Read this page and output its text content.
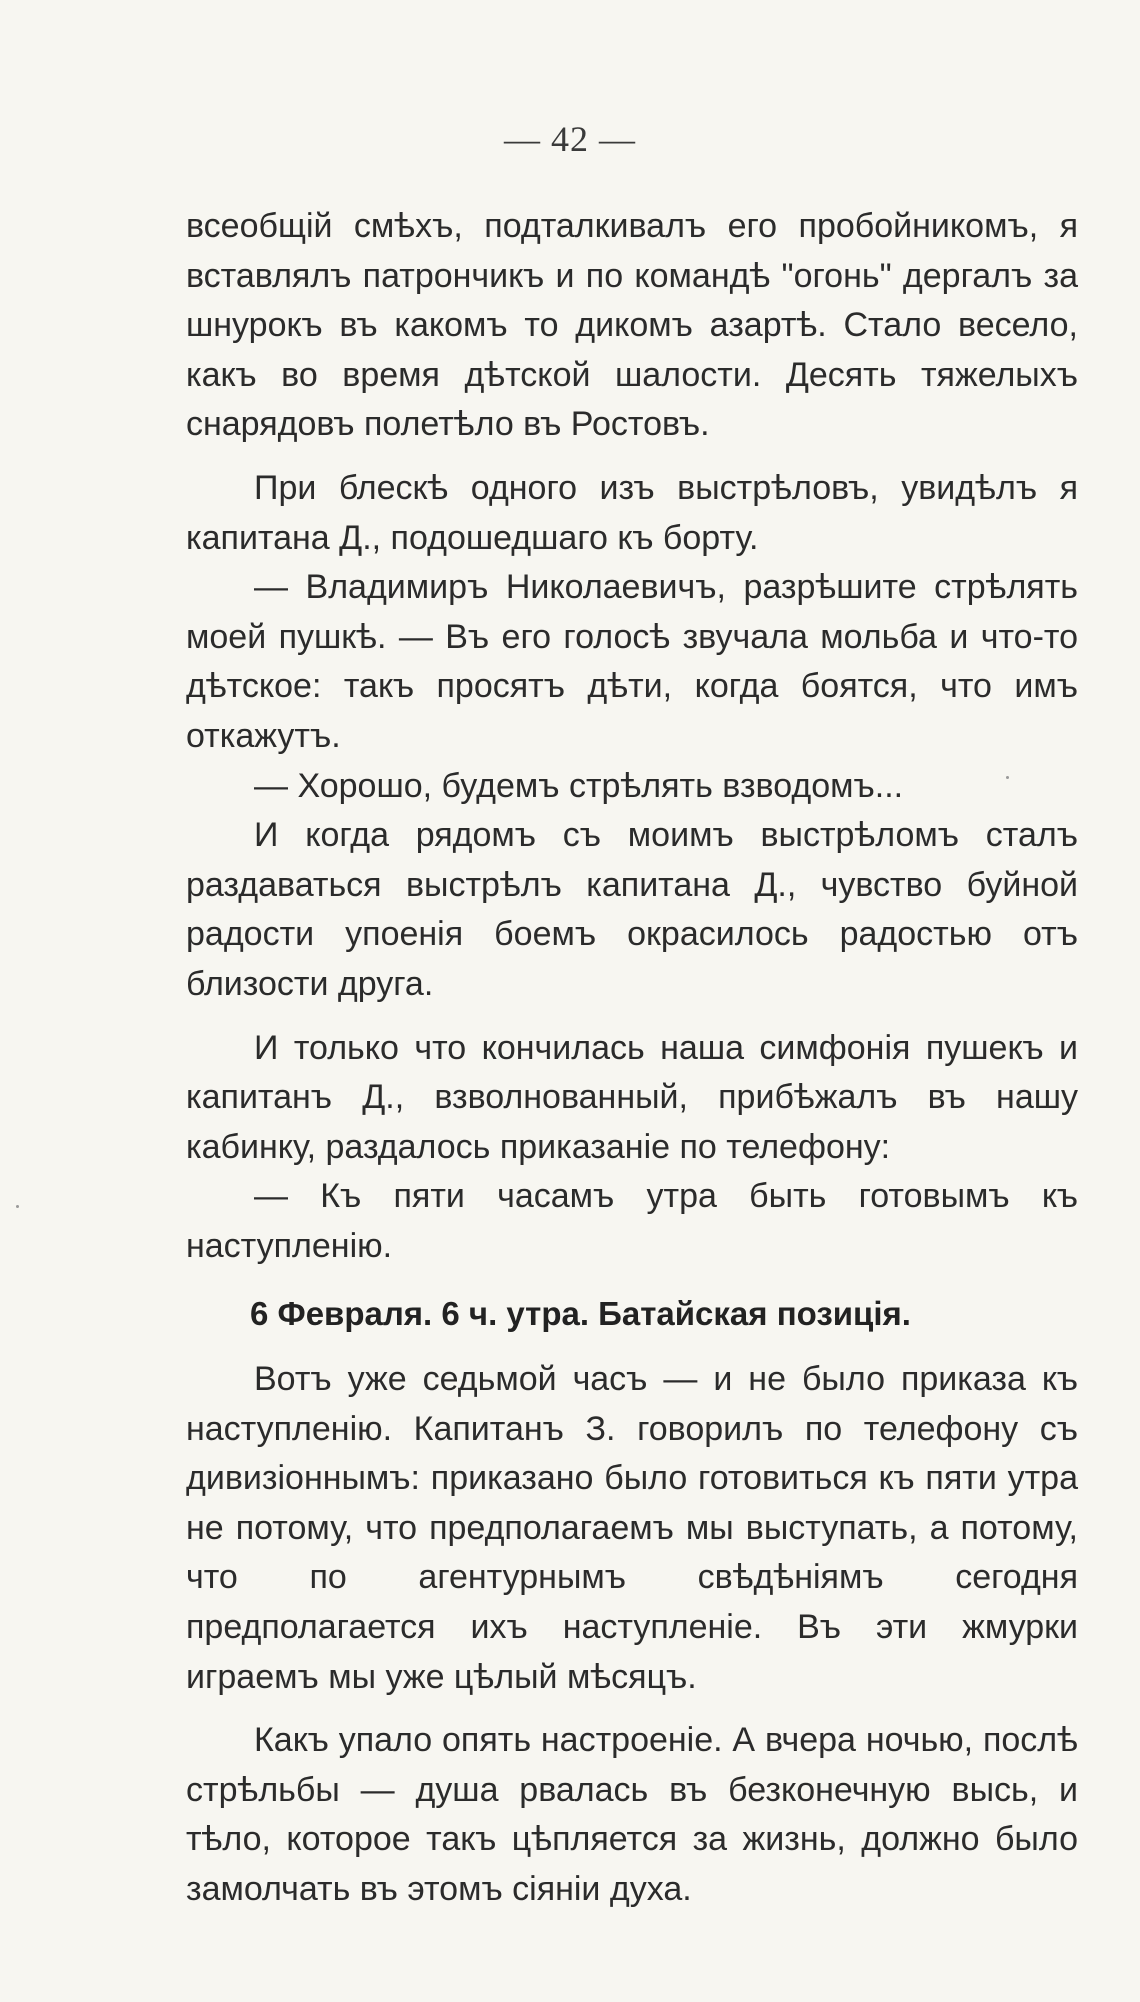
— 42 —

всеобщій смѣхъ, подталкивалъ его пробойникомъ, я вставлялъ патрончикъ и по командѣ "огонь" дергалъ за шнурокъ въ какомъ то дикомъ азартѣ. Стало весело, какъ во время дѣтской шалости. Десять тяжелыхъ снарядовъ полетѣло въ Ростовъ.

При блескѣ одного изъ выстрѣловъ, увидѣлъ я капитана Д., подошедшаго къ борту.

— Владимиръ Николаевичъ, разрѣшите стрѣлять моей пушкѣ. — Въ его голосѣ звучала мольба и что-то дѣтское: такъ просятъ дѣти, когда боятся, что имъ откажутъ.

— Хорошо, будемъ стрѣлять взводомъ...

И когда рядомъ съ моимъ выстрѣломъ сталъ раздаваться выстрѣлъ капитана Д., чувство буйной радости упоенія боемъ окрасилось радостью отъ близости друга.

И только что кончилась наша симфонія пушекъ и капитанъ Д., взволнованный, прибѣжалъ въ нашу кабинку, раздалось приказаніе по телефону:

— Къ пяти часамъ утра быть готовымъ къ наступленію.

6 Февраля. 6 ч. утра. Батайская позиція.

Вотъ уже седьмой часъ — и не было приказа къ наступленію. Капитанъ З. говорилъ по телефону съ дивизіоннымъ: приказано было готовиться къ пяти утра не потому, что предполагаемъ мы выступать, а потому, что по агентурнымъ свѣдѣніямъ сегодня предполагается ихъ наступленіе. Въ эти жмурки играемъ мы уже цѣлый мѣсяцъ.

Какъ упало опять настроеніе. А вчера ночью, послѣ стрѣльбы — душа рвалась въ безконечную высь, и тѣло, которое такъ цѣпляется за жизнь, должно было замолчать въ этомъ сіяніи духа.
